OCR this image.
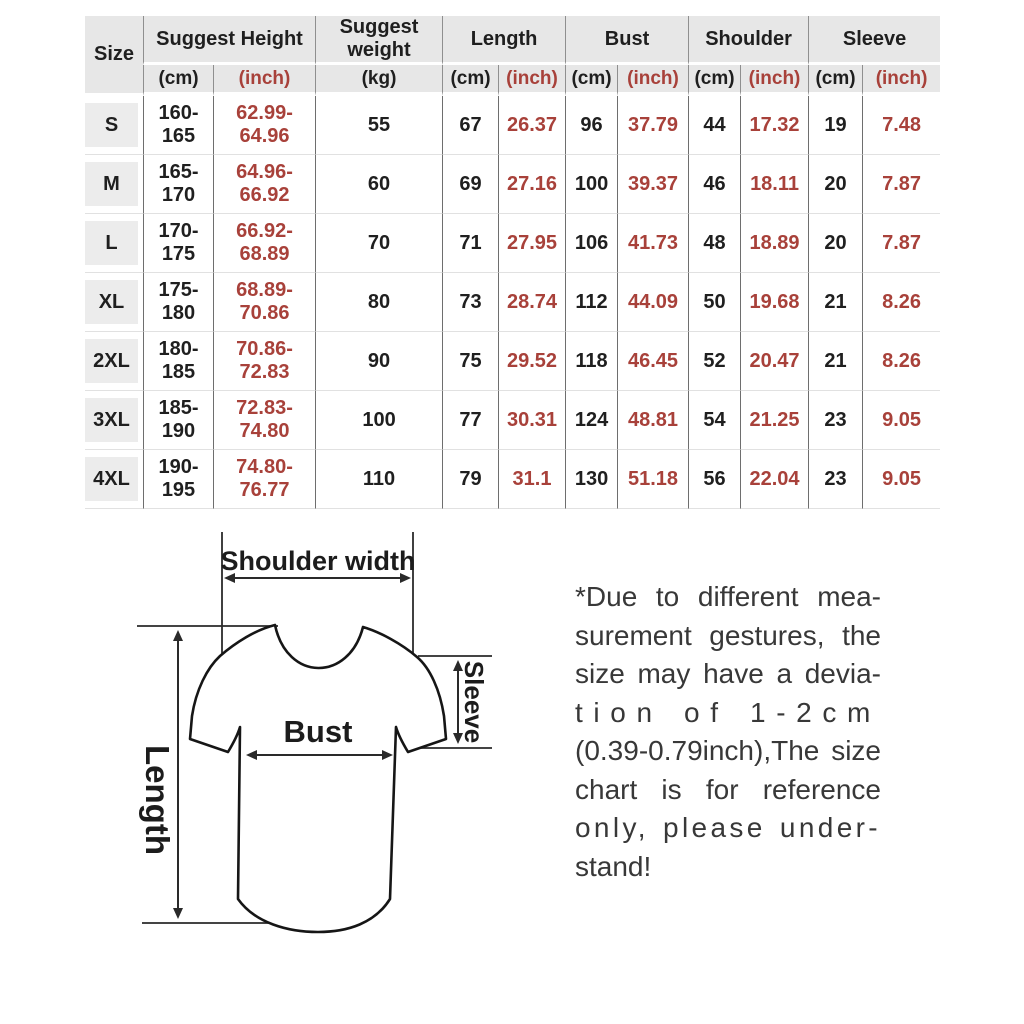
Size	Suggest Height		Suggest weight	Length		Bust		Shoulder		Sleeve	
	(cm)	(inch)	(kg)	(cm)	(inch)	(cm)	(inch)	(cm)	(inch)	(cm)	(inch)

S	160-165	62.99-64.96	55	67	26.37	96	37.79	44	17.32	19	7.48

M	165-170	64.96-66.92	60	69	27.16	100	39.37	46	18.11	20	7.87

L	170-175	66.92-68.89	70	71	27.95	106	41.73	48	18.89	20	7.87

XL	175-180	68.89-70.86	80	73	28.74	112	44.09	50	19.68	21	8.26

2XL	180-185	70.86-72.83	90	75	29.52	118	46.45	52	20.47	21	8.26

3XL	185-190	72.83-74.80	100	77	30.31	124	48.81	54	21.25	23	9.05

4XL	190-195	74.80-76.77	110	79	31.1	130	51.18	56	22.04	23	9.05
Shoulder width
Bust
Length
Sleeve
*Due to different mea-
surement gestures, the
size may have a devia-
tion of 1-2cm
(0.39-0.79inch),The size
chart is for reference
only, please under-
stand!
